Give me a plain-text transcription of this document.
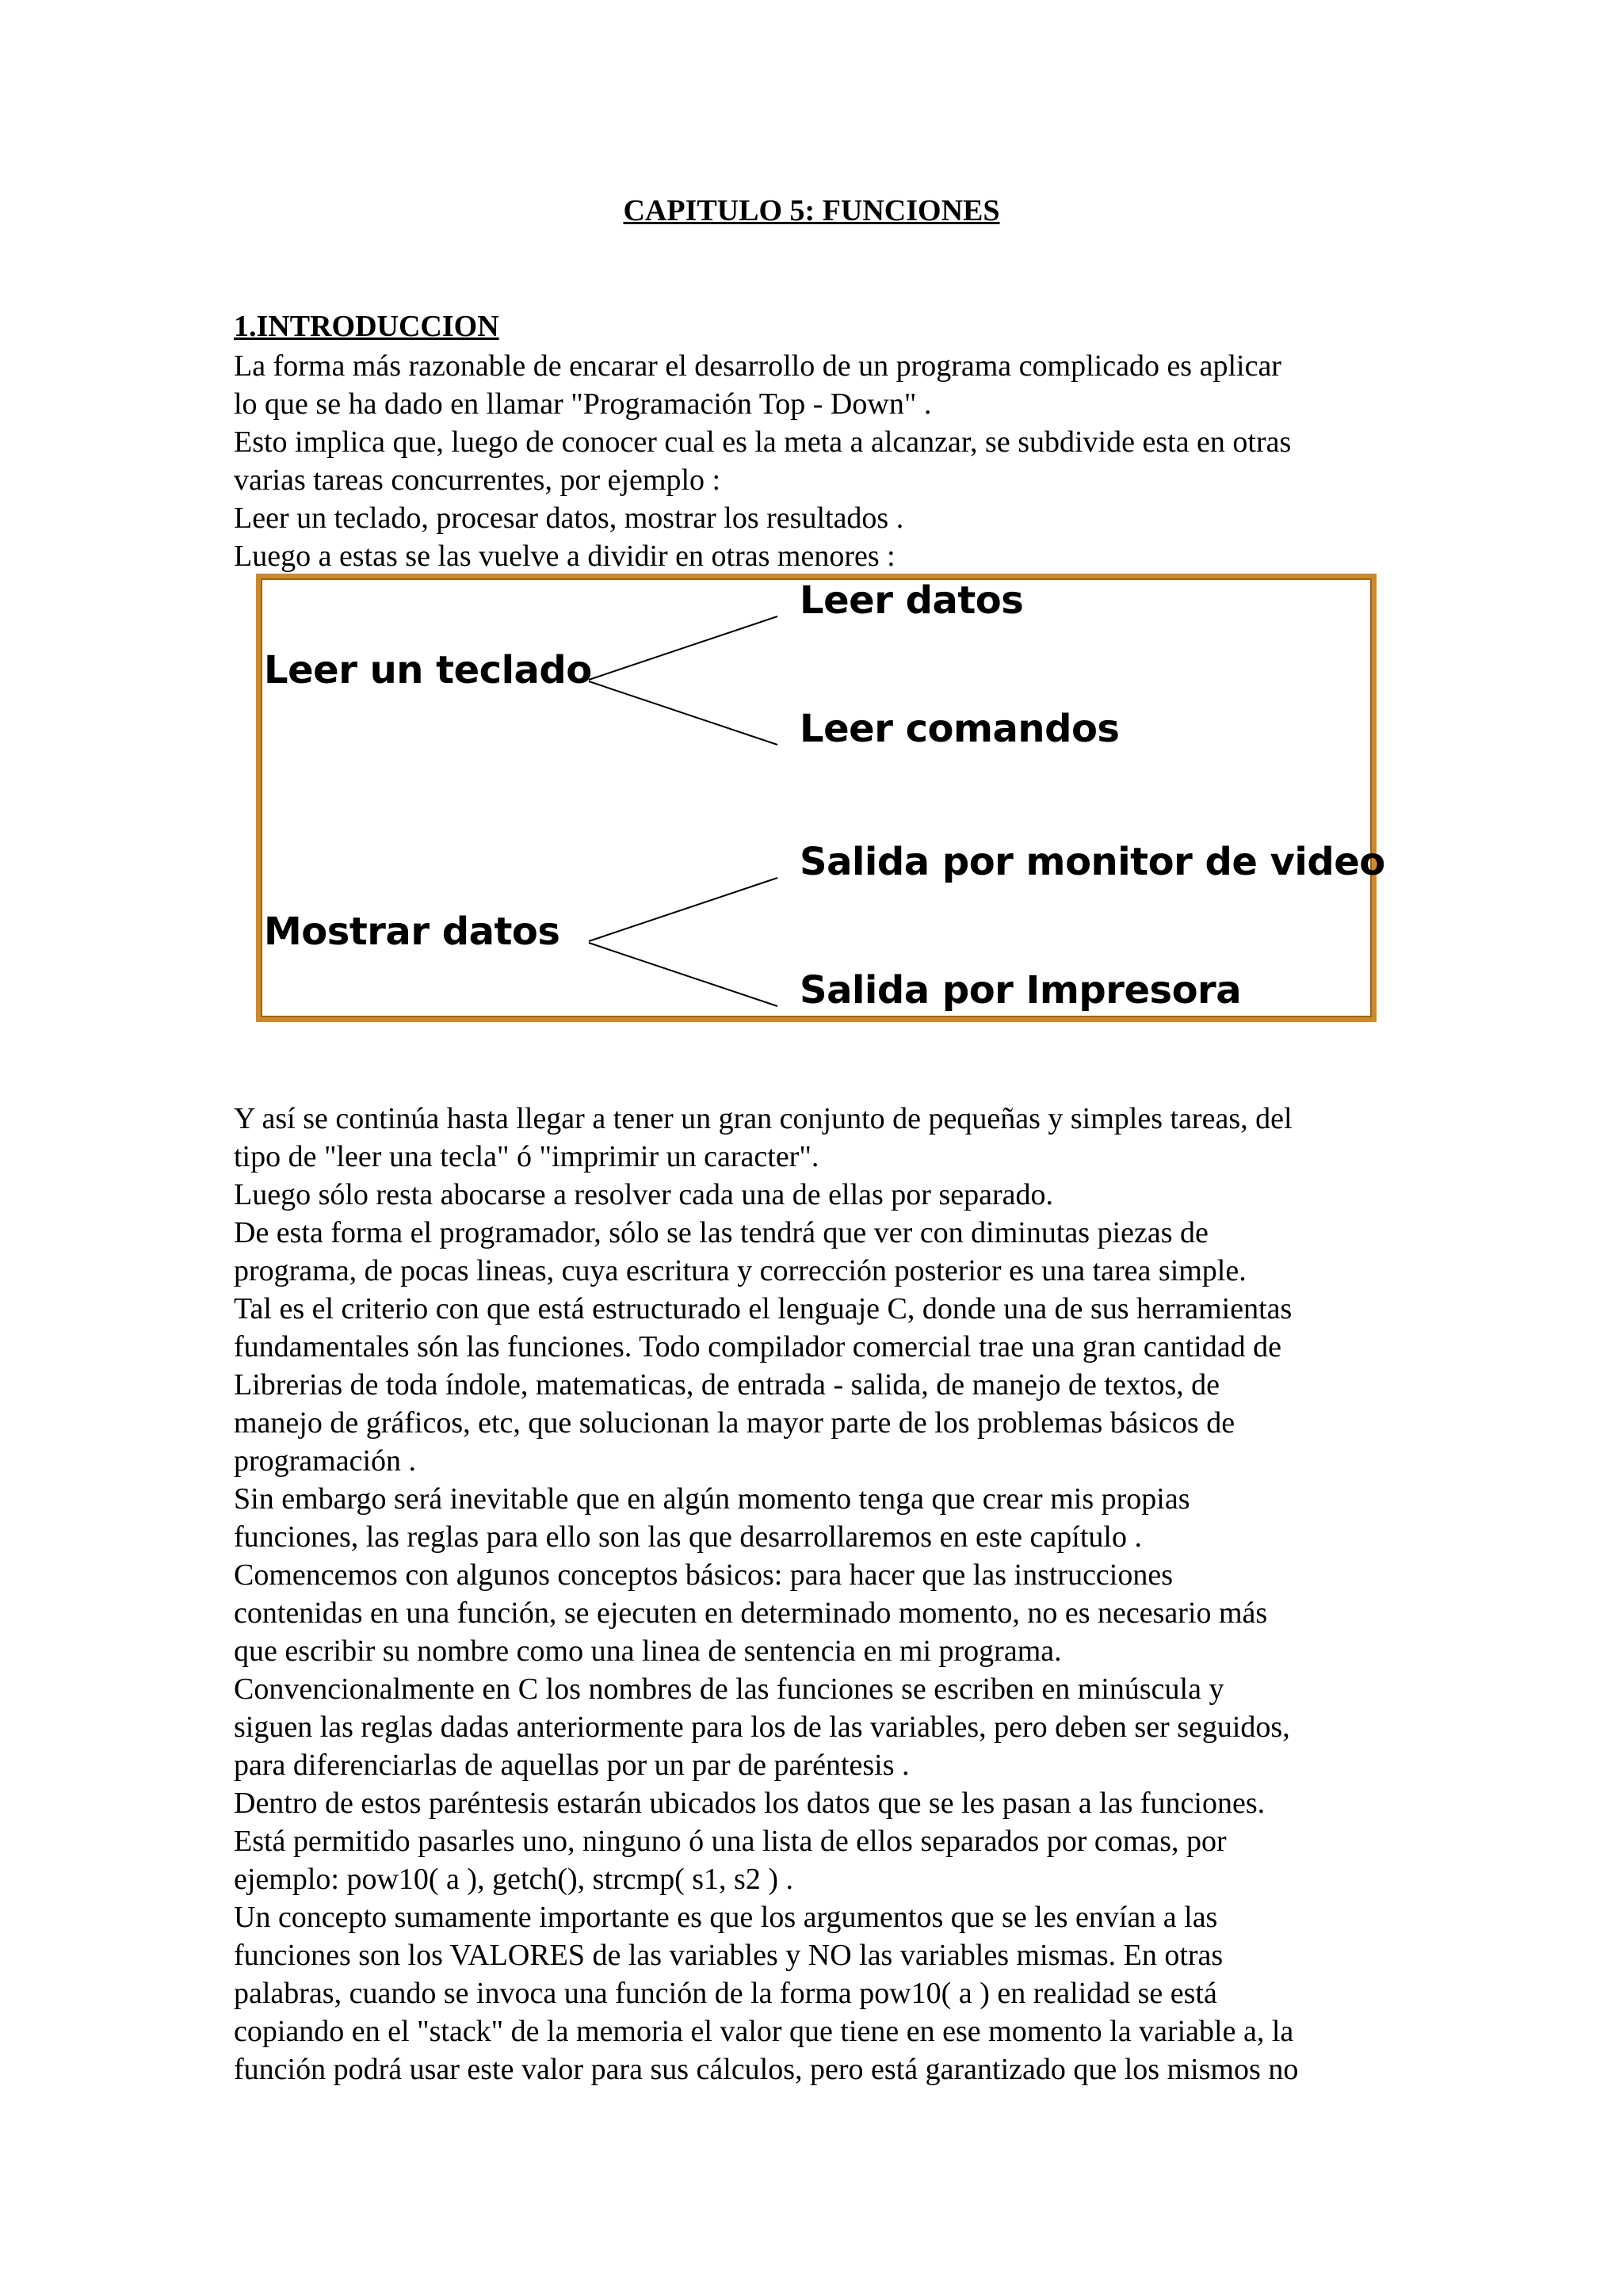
CAPITULO 5: FUNCIONES
1.INTRODUCCION

La forma más razonable de encarar el desarrollo de un programa complicado es aplicar
lo que se ha dado en llamar "Programación Top - Down" .
Esto implica que, luego de conocer cual es la meta a alcanzar, se subdivide esta en otras
varias tareas concurrentes, por ejemplo :
Leer un teclado, procesar datos, mostrar los resultados .
Luego a estas se las vuelve a dividir en otras menores :

Leer un teclado

Leer datos

Leer comandos

Mostrar datos

Salida por monitor de video

Salida por Impresora

Y así se continúa hasta llegar a tener un gran conjunto de pequeñas y simples tareas, del
tipo de "leer una tecla" ó "imprimir un caracter".
Luego sólo resta abocarse a resolver cada una de ellas por separado.
De esta forma el programador, sólo se las tendrá que ver con diminutas piezas de
programa, de pocas lineas, cuya escritura y corrección posterior es una tarea simple.
Tal es el criterio con que está estructurado el lenguaje C, donde una de sus herramientas
fundamentales són las funciones. Todo compilador comercial trae una gran cantidad de
Librerias de toda índole, matematicas, de entrada - salida, de manejo de textos, de
manejo de gráficos, etc, que solucionan la mayor parte de los problemas básicos de
programación .
Sin embargo será inevitable que en algún momento tenga que crear mis propias
funciones, las reglas para ello son las que desarrollaremos en este capítulo .
Comencemos con algunos conceptos básicos: para hacer que las instrucciones
contenidas en una función, se ejecuten en determinado momento, no es necesario más
que escribir su nombre como una linea de sentencia en mi programa.
Convencionalmente en C los nombres de las funciones se escriben en minúscula y
siguen las reglas dadas anteriormente para los de las variables, pero deben ser seguidos,
para diferenciarlas de aquellas por un par de paréntesis .
Dentro de estos paréntesis estarán ubicados los datos que se les pasan a las funciones.
Está permitido pasarles uno, ninguno ó una lista de ellos separados por comas, por
ejemplo: pow10( a ), getch(), strcmp( s1, s2 ) .
Un concepto sumamente importante es que los argumentos que se les envían a las
funciones son los VALORES de las variables y NO las variables mismas. En otras
palabras, cuando se invoca una función de la forma pow10( a ) en realidad se está
copiando en el "stack" de la memoria el valor que tiene en ese momento la variable a, la
función podrá usar este valor para sus cálculos, pero está garantizado que los mismos no
